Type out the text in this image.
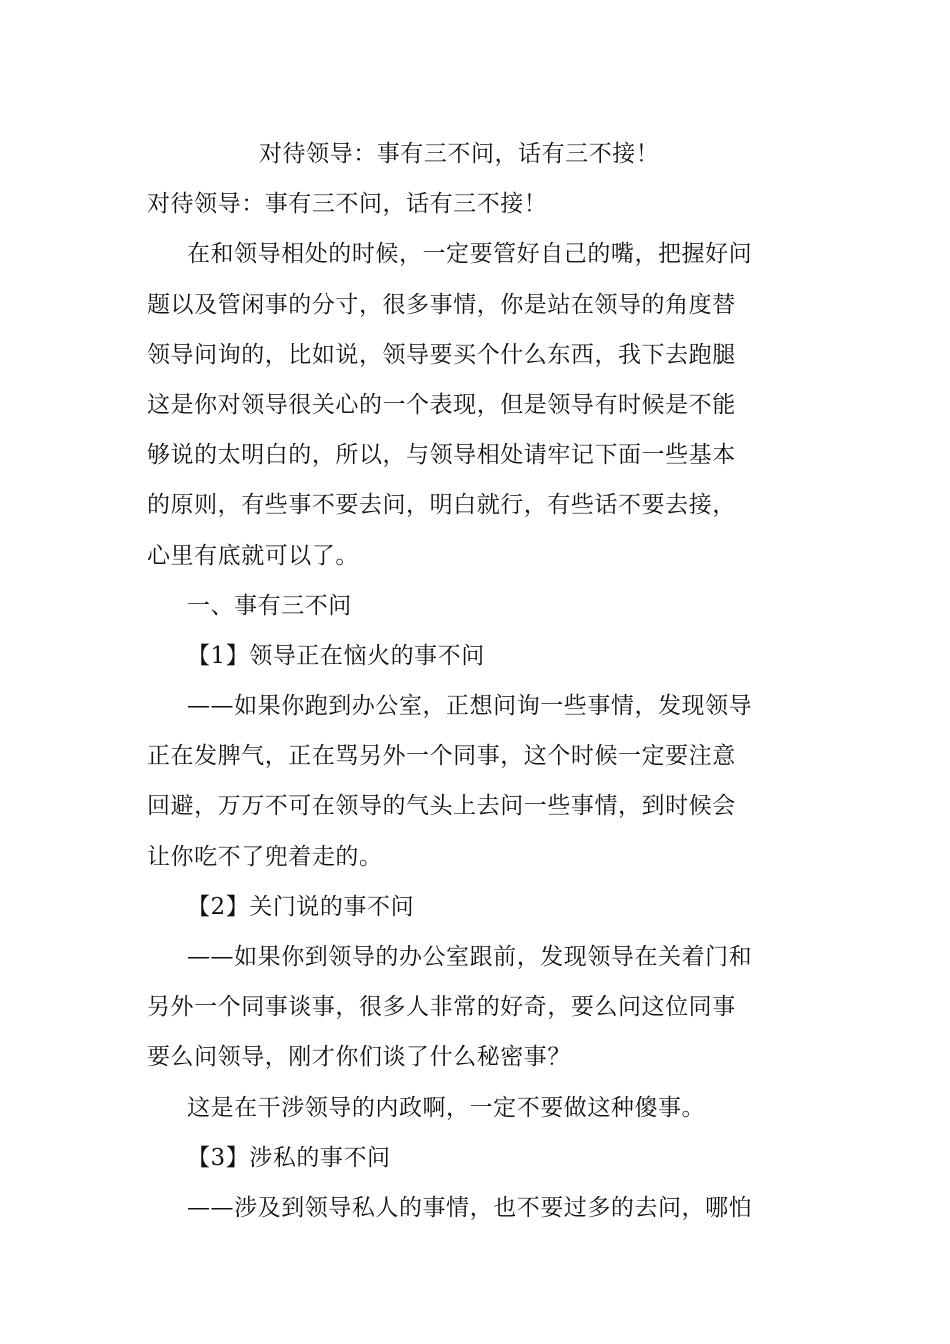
对待领导：事有三不问，话有三不接！

对待领导：事有三不问，话有三不接！

在和领导相处的时候，一定要管好自己的嘴，把握好问

题以及管闲事的分寸，很多事情，你是站在领导的角度替

领导问询的，比如说，领导要买个什么东西，我下去跑腿

这是你对领导很关心的一个表现，但是领导有时候是不能

够说的太明白的，所以，与领导相处请牢记下面一些基本

的原则，有些事不要去问，明白就行，有些话不要去接，

心里有底就可以了。

一、事有三不问

【1】领导正在恼火的事不问

——如果你跑到办公室，正想问询一些事情，发现领导

正在发脾气，正在骂另外一个同事，这个时候一定要注意

回避，万万不可在领导的气头上去问一些事情，到时候会

让你吃不了兜着走的。

【2】关门说的事不问

——如果你到领导的办公室跟前，发现领导在关着门和

另外一个同事谈事，很多人非常的好奇，要么问这位同事

要么问领导，刚才你们谈了什么秘密事？

这是在干涉领导的内政啊，一定不要做这种傻事。

【3】涉私的事不问

——涉及到领导私人的事情，也不要过多的去问，哪怕
